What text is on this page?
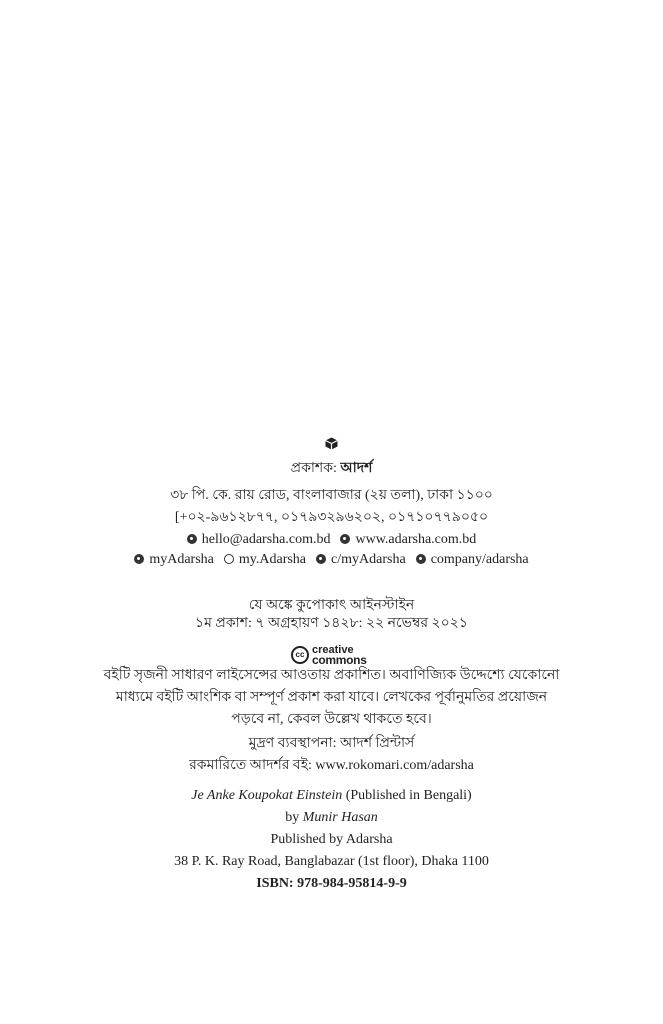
প্রকাশক: আদর্শ
৩৮ পি. কে. রায় রোড, বাংলাবাজার (২য় তলা), ঢাকা ১১০০
[+০২-৯৬১২৮৭৭, ০১৭৯৩২৯৬২০২, ০১৭১০৭৭৯০৫০
hello@adarsha.com.bd www.adarsha.com.bd
myAdarsha my.Adarsha c/myAdarsha company/adarsha
যে অঙ্কে কুপোকাৎ আইনস্টাইন
১ম প্রকাশ: ৭ অগ্রহায়ণ ১৪২৮: ২২ নভেম্বর ২০২১
cc creative
commons
বইটি সৃজনী সাধারণ লাইসেন্সের আওতায় প্রকাশিত। অবাণিজ্যিক উদ্দেশ্যে যেকোনো
মাধ্যমে বইটি আংশিক বা সম্পূর্ণ প্রকাশ করা যাবে। লেখকের পূর্বানুমতির প্রয়োজন
পড়বে না, কেবল উল্লেখ থাকতে হবে।
মুদ্রণ ব্যবস্থাপনা: আদর্শ প্রিন্টার্স
রকমারিতে আদর্শর বই: www.rokomari.com/adarsha
Je Anke Koupokat Einstein (Published in Bengali)
by Munir Hasan
Published by Adarsha
38 P. K. Ray Road, Banglabazar (1st floor), Dhaka 1100
ISBN: 978-984-95814-9-9
